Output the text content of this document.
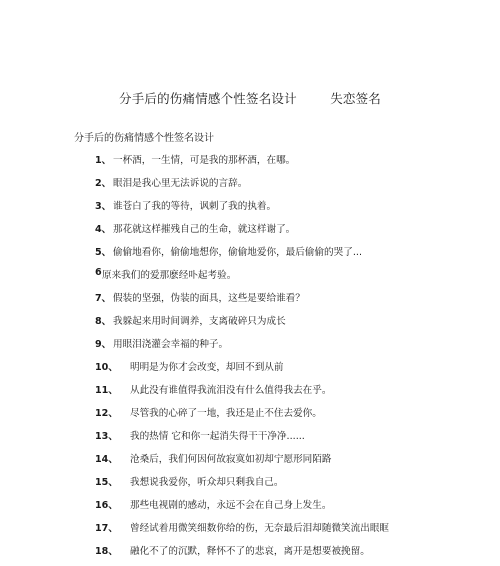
分手后的伤痛情感个性签名设计        失恋签名
分手后的伤痛情感个性签名设计
1、 一杯酒，一生情，可是我的那杯酒，在哪。
2、 眼泪是我心里无法诉说的言辞。
3、 谁苍白了我的等待，讽刺了我的执着。
4、 那花就这样摧残自己的生命，就这样谢了。
5、 偷偷地看你，偷偷地想你，偷偷地爱你，最后偷偷的哭了...
6 原来我们的爱那麽经卟起考验。
7、 假装的坚强，伪装的面具，这些是要给谁看？
8、 我躲起来用时间调养，支离破碎只为成长
9、 用眼泪浇灌会幸福的种子。
10、 明明是为你才会改变，却回不到从前
11、 从此没有谁值得我流泪没有什么值得我去在乎。
12、 尽管我的心碎了一地，我还是止不住去爱你。
13、 我的热情 它和你一起消失得干干净净......
14、 沧桑后，我们何因何故寂寞如初却宁愿形同陌路
15、 我想说我爱你，听众却只剩我自己。
16、 那些电视剧的感动，永远不会在自己身上发生。
17、 曾经试着用微笑细数你给的伤，无奈最后泪却随微笑流出眼眶
18、 融化不了的沉默，释怀不了的悲哀，离开是想要被挽留。
